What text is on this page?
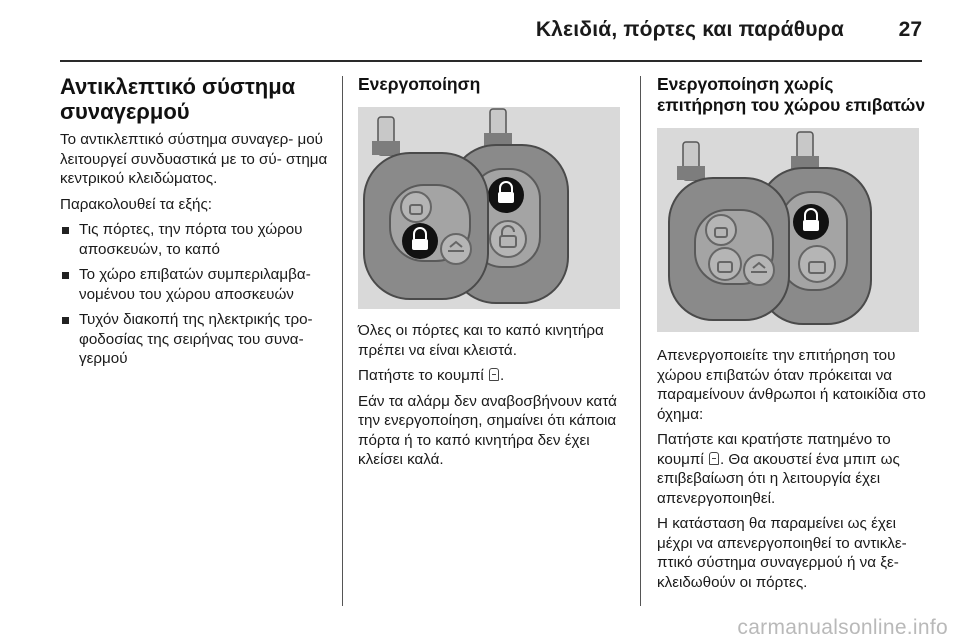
Κλειδιά, πόρτες και παράθυρα	27
Αντικλεπτικό σύστημα συναγερμού

Το αντικλεπτικό σύστημα συναγερ- μού λειτουργεί συνδυαστικά με το σύ- στημα κεντρικού κλειδώματος.

Παρακολουθεί τα εξής:

Τις πόρτες, την πόρτα του χώρου αποσκευών, το καπό
Το χώρο επιβατών συμπεριλαμβα- νομένου του χώρου αποσκευών
Τυχόν διακοπή της ηλεκτρικής τρο- φοδοσίας της σειρήνας του συνα- γερμού
Ενεργοποίηση

Όλες οι πόρτες και το καπό κινητήρα πρέπει να είναι κλειστά.

Πατήστε το κουμπί .

Εάν τα αλάρμ δεν αναβοσβήνουν κατά την ενεργοποίηση, σημαίνει ότι κάποια πόρτα ή το καπό κινητήρα δεν έχει κλείσει καλά.

Ενεργοποίηση χωρίς επιτήρηση του χώρου επιβατών

Απενεργοποιείτε την επιτήρηση του χώρου επιβατών όταν πρόκειται να παραμείνουν άνθρωποι ή κατοικίδια στο όχημα:

Πατήστε και κρατήστε πατημένο το κουμπί . Θα ακουστεί ένα μπιπ ως επιβεβαίωση ότι η λειτουργία έχει απενεργοποιηθεί.

Η κατάσταση θα παραμείνει ως έχει μέχρι να απενεργοποιηθεί το αντικλε- πτικό σύστημα συναγερμού ή να ξε- κλειδωθούν οι πόρτες.

carmanualsonline.info
